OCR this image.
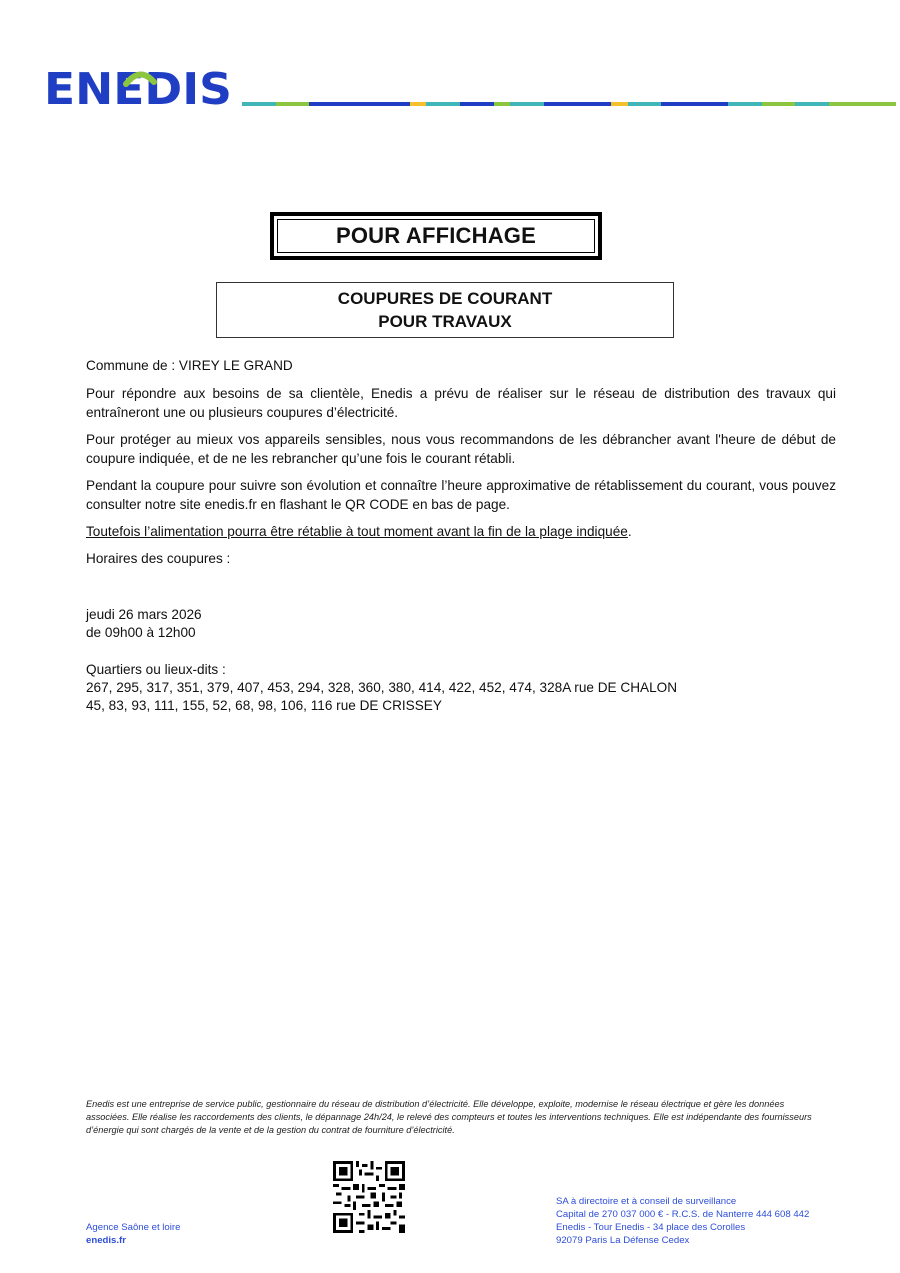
ENEDIS
POUR AFFICHAGE
COUPURES DE COURANT
POUR TRAVAUX
Commune de : VIREY LE GRAND
Pour répondre aux besoins de sa clientèle, Enedis a prévu de réaliser sur le réseau de distribution des travaux qui entraîneront une ou plusieurs coupures d’électricité.
Pour protéger au mieux vos appareils sensibles, nous vous recommandons de les débrancher avant l'heure de début de coupure indiquée, et de ne les rebrancher qu’une fois le courant rétabli.
Pendant la coupure pour suivre son évolution et connaître l’heure approximative de rétablissement du courant, vous pouvez consulter notre site enedis.fr en flashant le QR CODE en bas de page.
Toutefois l’alimentation pourra être rétablie à tout moment avant la fin de la plage indiquée.
Horaires des coupures :
jeudi 26 mars 2026
de 09h00 à 12h00
Quartiers ou lieux-dits :
267, 295, 317, 351, 379, 407, 453, 294, 328, 360, 380, 414, 422, 452, 474, 328A rue DE CHALON
45, 83, 93, 111, 155, 52, 68, 98, 106, 116 rue DE CRISSEY
Enedis est une entreprise de service public, gestionnaire du réseau de distribution d’électricité. Elle développe, exploite, modernise le réseau électrique et gère les données associées. Elle réalise les raccordements des clients, le dépannage 24h/24, le relevé des compteurs et toutes les interventions techniques. Elle est indépendante des fournisseurs d’énergie qui sont chargés de la vente et de la gestion du contrat de fourniture d’électricité.
Agence Saône et loire
enedis.fr
SA à directoire et à conseil de surveillance
Capital de 270 037 000 € - R.C.S. de Nanterre 444 608 442
Enedis - Tour Enedis - 34 place des Corolles
92079 Paris La Défense Cedex
